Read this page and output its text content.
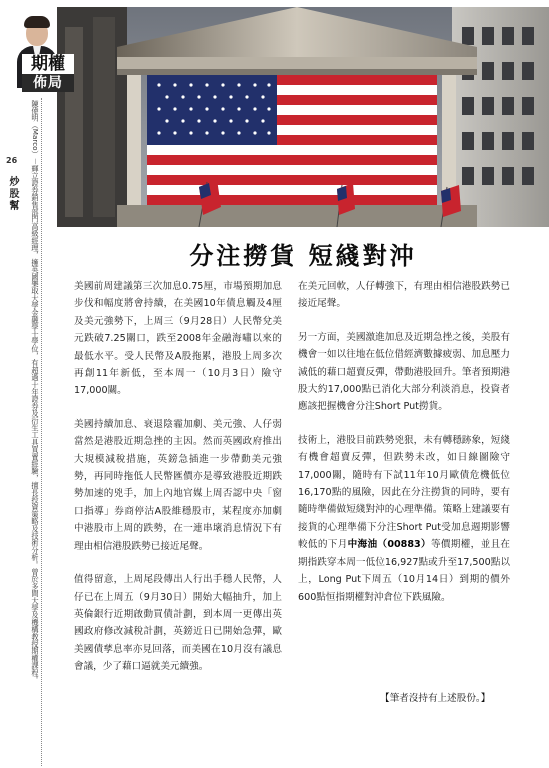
期權
佈局
陳偉明（Marco）－輝立證券銷售部門高級經理，擁英國樂取大學金融學士學位，有超過十年證券及衍生工具買賣經驗，擅長投資策略及技術分析。曾於多間大學及機構教授期權課程。
26
炒股幫
分注撈貨 短綫對沖

美國前周建議第三次加息0.75厘，市場預期加息步伐和幅度將會持續，在美國10年債息觸及4厘及美元強勢下，上周三（9月28日）人民幣兌美元跌破7.25關口，跌至2008年金融海嘯以來的最低水平。受人民幣及A股拖累，港股上周多次再創11年新低，至本周一（10月3日）險守17,000關。

美國持續加息、衰退陰霾加劇、美元強、人仔弱當然是港股近期急挫的主因。然而英國政府推出大規模減稅措施，英鎊急插進一步帶動美元強勢，再同時拖低人民幣匯價亦是導致港股近期跌勢加速的兇手，加上內地官媒上周否認中央「窗口指導」券商停沽A股維穩股市，某程度亦加劇中港股市上周的跌勢，在一連串壞消息情況下有理由相信港股跌勢已接近尾聲。

值得留意，上周尾段傳出人行出手穩人民幣，人仔已在上周五（9月30日）開始大幅抽升，加上英倫銀行近期啟動買債計劃，到本周一更傳出英國政府修改減稅計劃，英鎊近日已開始急彈，歐美國債孳息率亦見回落，而美國在10月沒有議息會議，少了藉口逼就美元續強。

在美元回軟，人仔轉強下，有理由相信港股跌勢已接近尾聲。

另一方面，美國激進加息及近期急挫之後，美股有機會一如以往地在低位借經濟數據疲弱、加息壓力減低的藉口超賣反彈，帶動港股回升。筆者預期港股大約17,000點已消化大部分利淡消息，投資者應該把握機會分注Short Put撈貨。

技術上，港股目前跌勢兇狠，未有轉穩跡象，短綫有機會超賣反彈，但跌勢未改，如日線圖險守17,000關，隨時有下試11年10月歐債危機低位16,170點的風險，因此在分注撈貨的同時，要有隨時準備做短綫對沖的心理準備。策略上建議要有接貨的心理準備下分注Short Put受加息週期影響較低的下月中海油（00883）等價期權，並且在期指跌穿本周一低位16,927點或升至17,500點以上，Long Put下周五（10月14日）到期的價外600點恒指期權對沖倉位下跌風險。

【筆者沒持有上述股份。】
